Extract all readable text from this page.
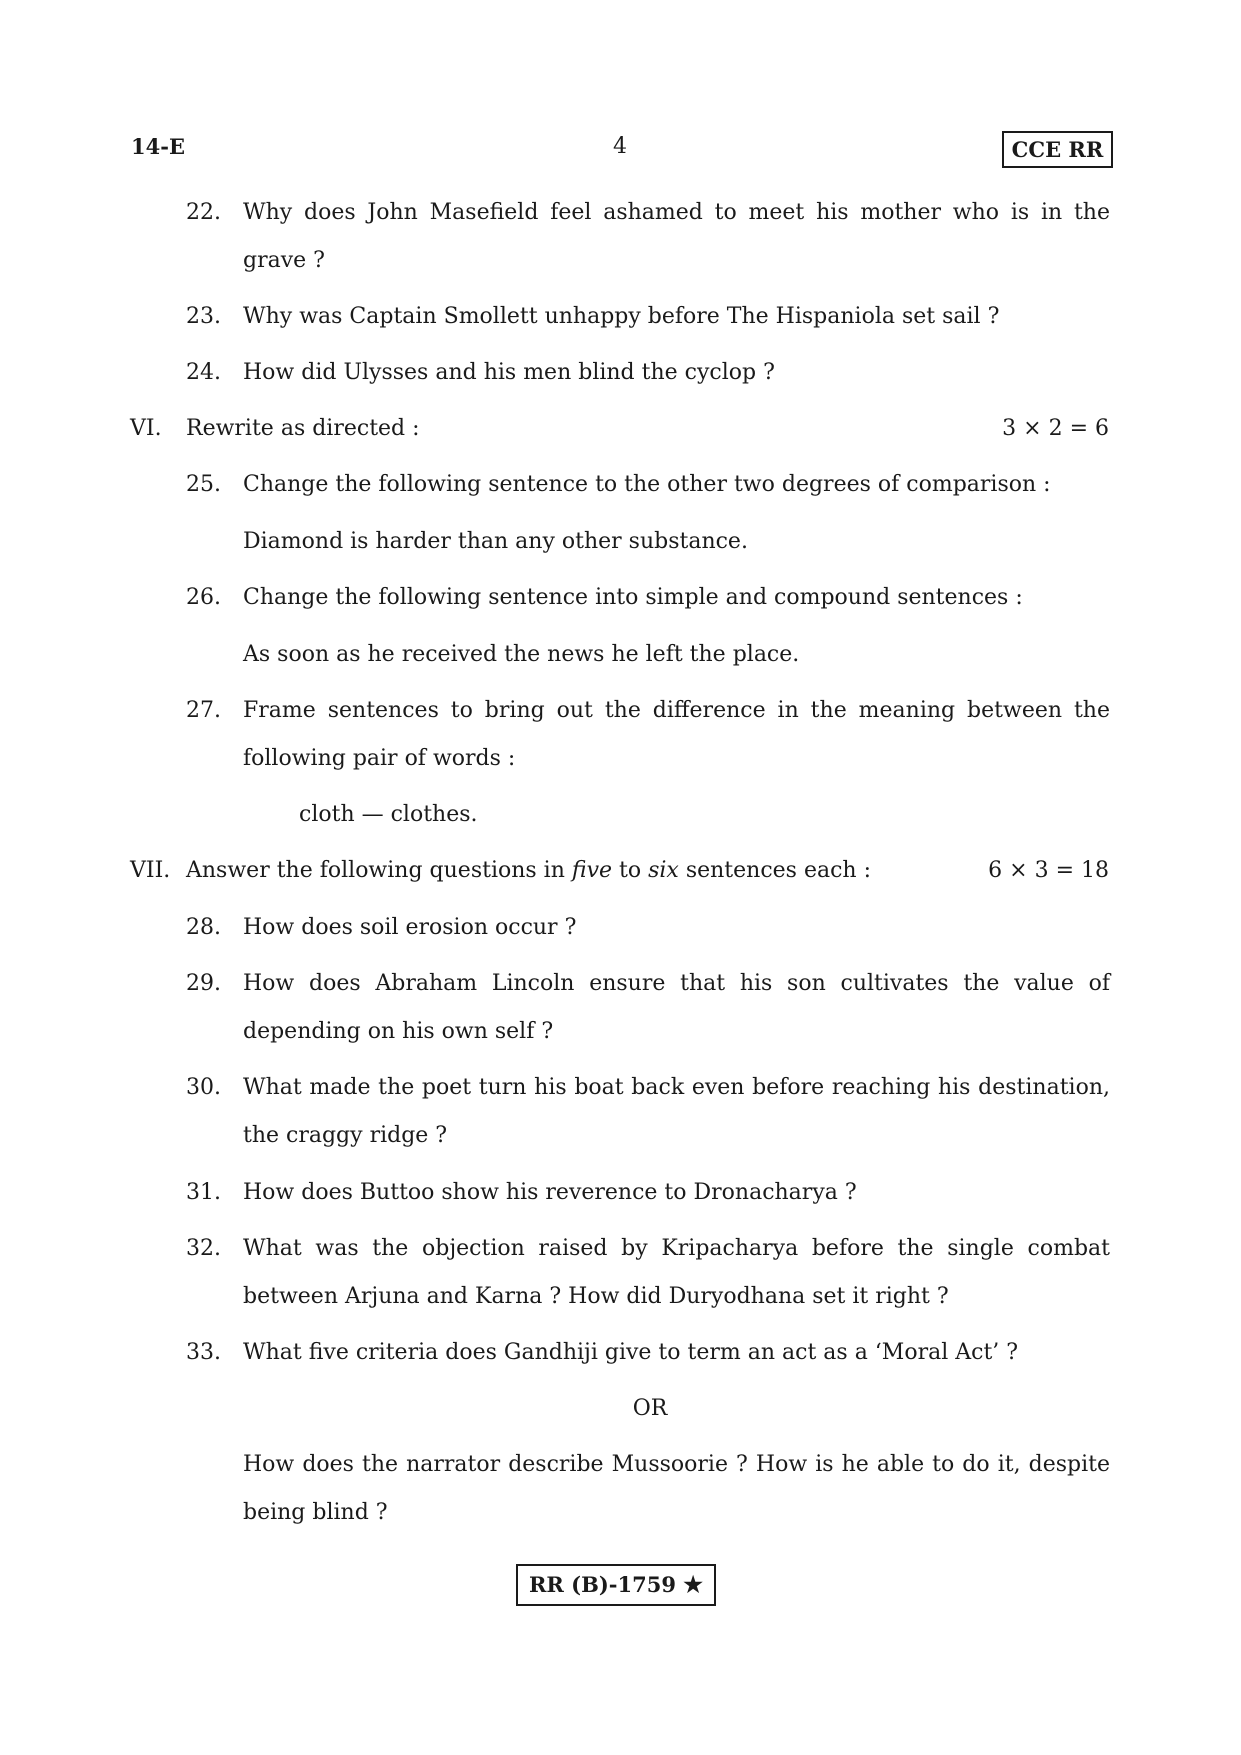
14-E	4	CCE RR
22. Why does John Masefield feel ashamed to meet his mother who is in the grave ?
23. Why was Captain Smollett unhappy before The Hispaniola set sail ?
24. How did Ulysses and his men blind the cyclop ?
VI. Rewrite as directed :	3 × 2 = 6
25. Change the following sentence to the other two degrees of comparison :
Diamond is harder than any other substance.
26. Change the following sentence into simple and compound sentences :
As soon as he received the news he left the place.
27. Frame sentences to bring out the difference in the meaning between the following pair of words :
cloth — clothes.
VII. Answer the following questions in five to six sentences each :	6 × 3 = 18
28. How does soil erosion occur ?
29. How does Abraham Lincoln ensure that his son cultivates the value of depending on his own self ?
30. What made the poet turn his boat back even before reaching his destination, the craggy ridge ?
31. How does Buttoo show his reverence to Dronacharya ?
32. What was the objection raised by Kripacharya before the single combat between Arjuna and Karna ? How did Duryodhana set it right ?
33. What five criteria does Gandhiji give to term an act as a ‘Moral Act’ ?
OR
How does the narrator describe Mussoorie ? How is he able to do it, despite being blind ?
RR (B)-1759 ★
